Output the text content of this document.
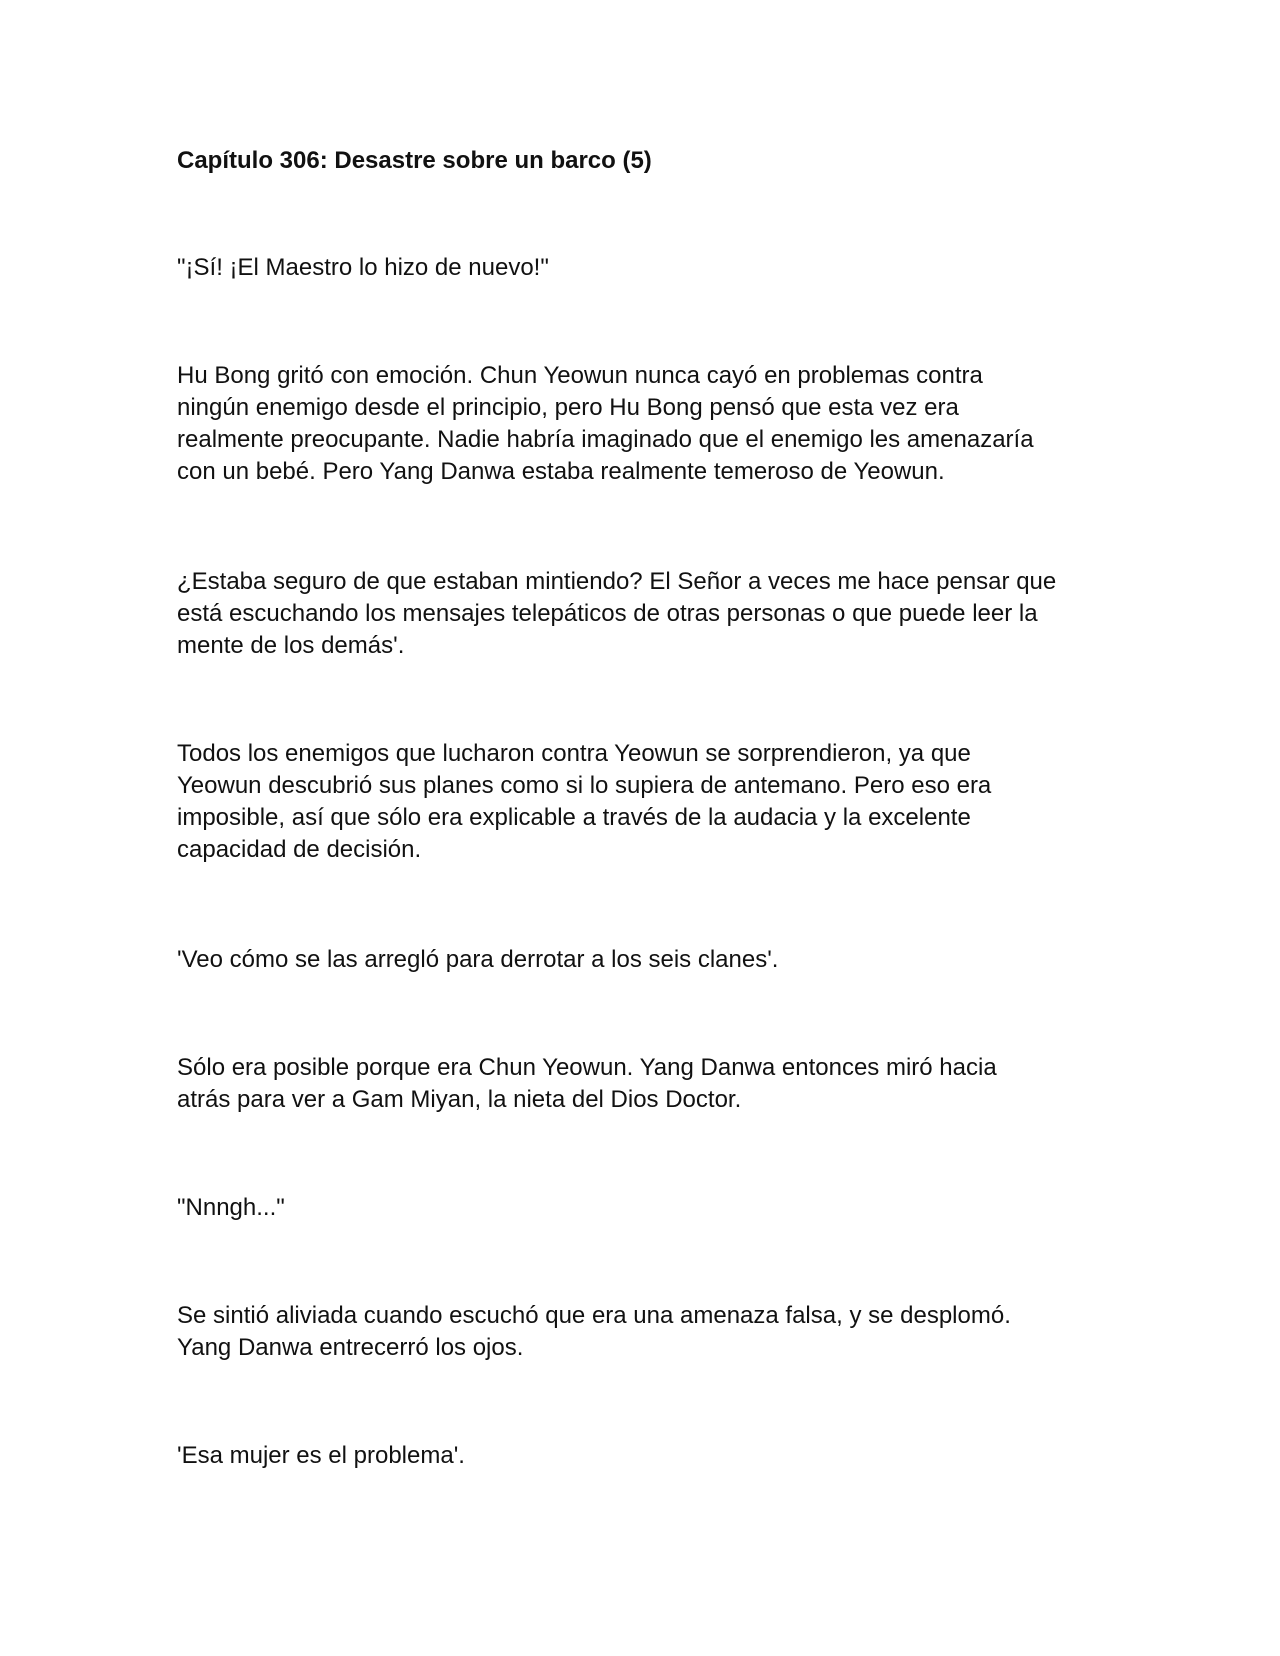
Capítulo 306: Desastre sobre un barco (5)
"¡Sí! ¡El Maestro lo hizo de nuevo!"
Hu Bong gritó con emoción. Chun Yeowun nunca cayó en problemas contra
ningún enemigo desde el principio, pero Hu Bong pensó que esta vez era
realmente preocupante. Nadie habría imaginado que el enemigo les amenazaría
con un bebé. Pero Yang Danwa estaba realmente temeroso de Yeowun.
¿Estaba seguro de que estaban mintiendo? El Señor a veces me hace pensar que
está escuchando los mensajes telepáticos de otras personas o que puede leer la
mente de los demás'.
Todos los enemigos que lucharon contra Yeowun se sorprendieron, ya que
Yeowun descubrió sus planes como si lo supiera de antemano. Pero eso era
imposible, así que sólo era explicable a través de la audacia y la excelente
capacidad de decisión.
'Veo cómo se las arregló para derrotar a los seis clanes'.
Sólo era posible porque era Chun Yeowun. Yang Danwa entonces miró hacia
atrás para ver a Gam Miyan, la nieta del Dios Doctor.
"Nnngh..."
Se sintió aliviada cuando escuchó que era una amenaza falsa, y se desplomó.
Yang Danwa entrecerró los ojos.
'Esa mujer es el problema'.
